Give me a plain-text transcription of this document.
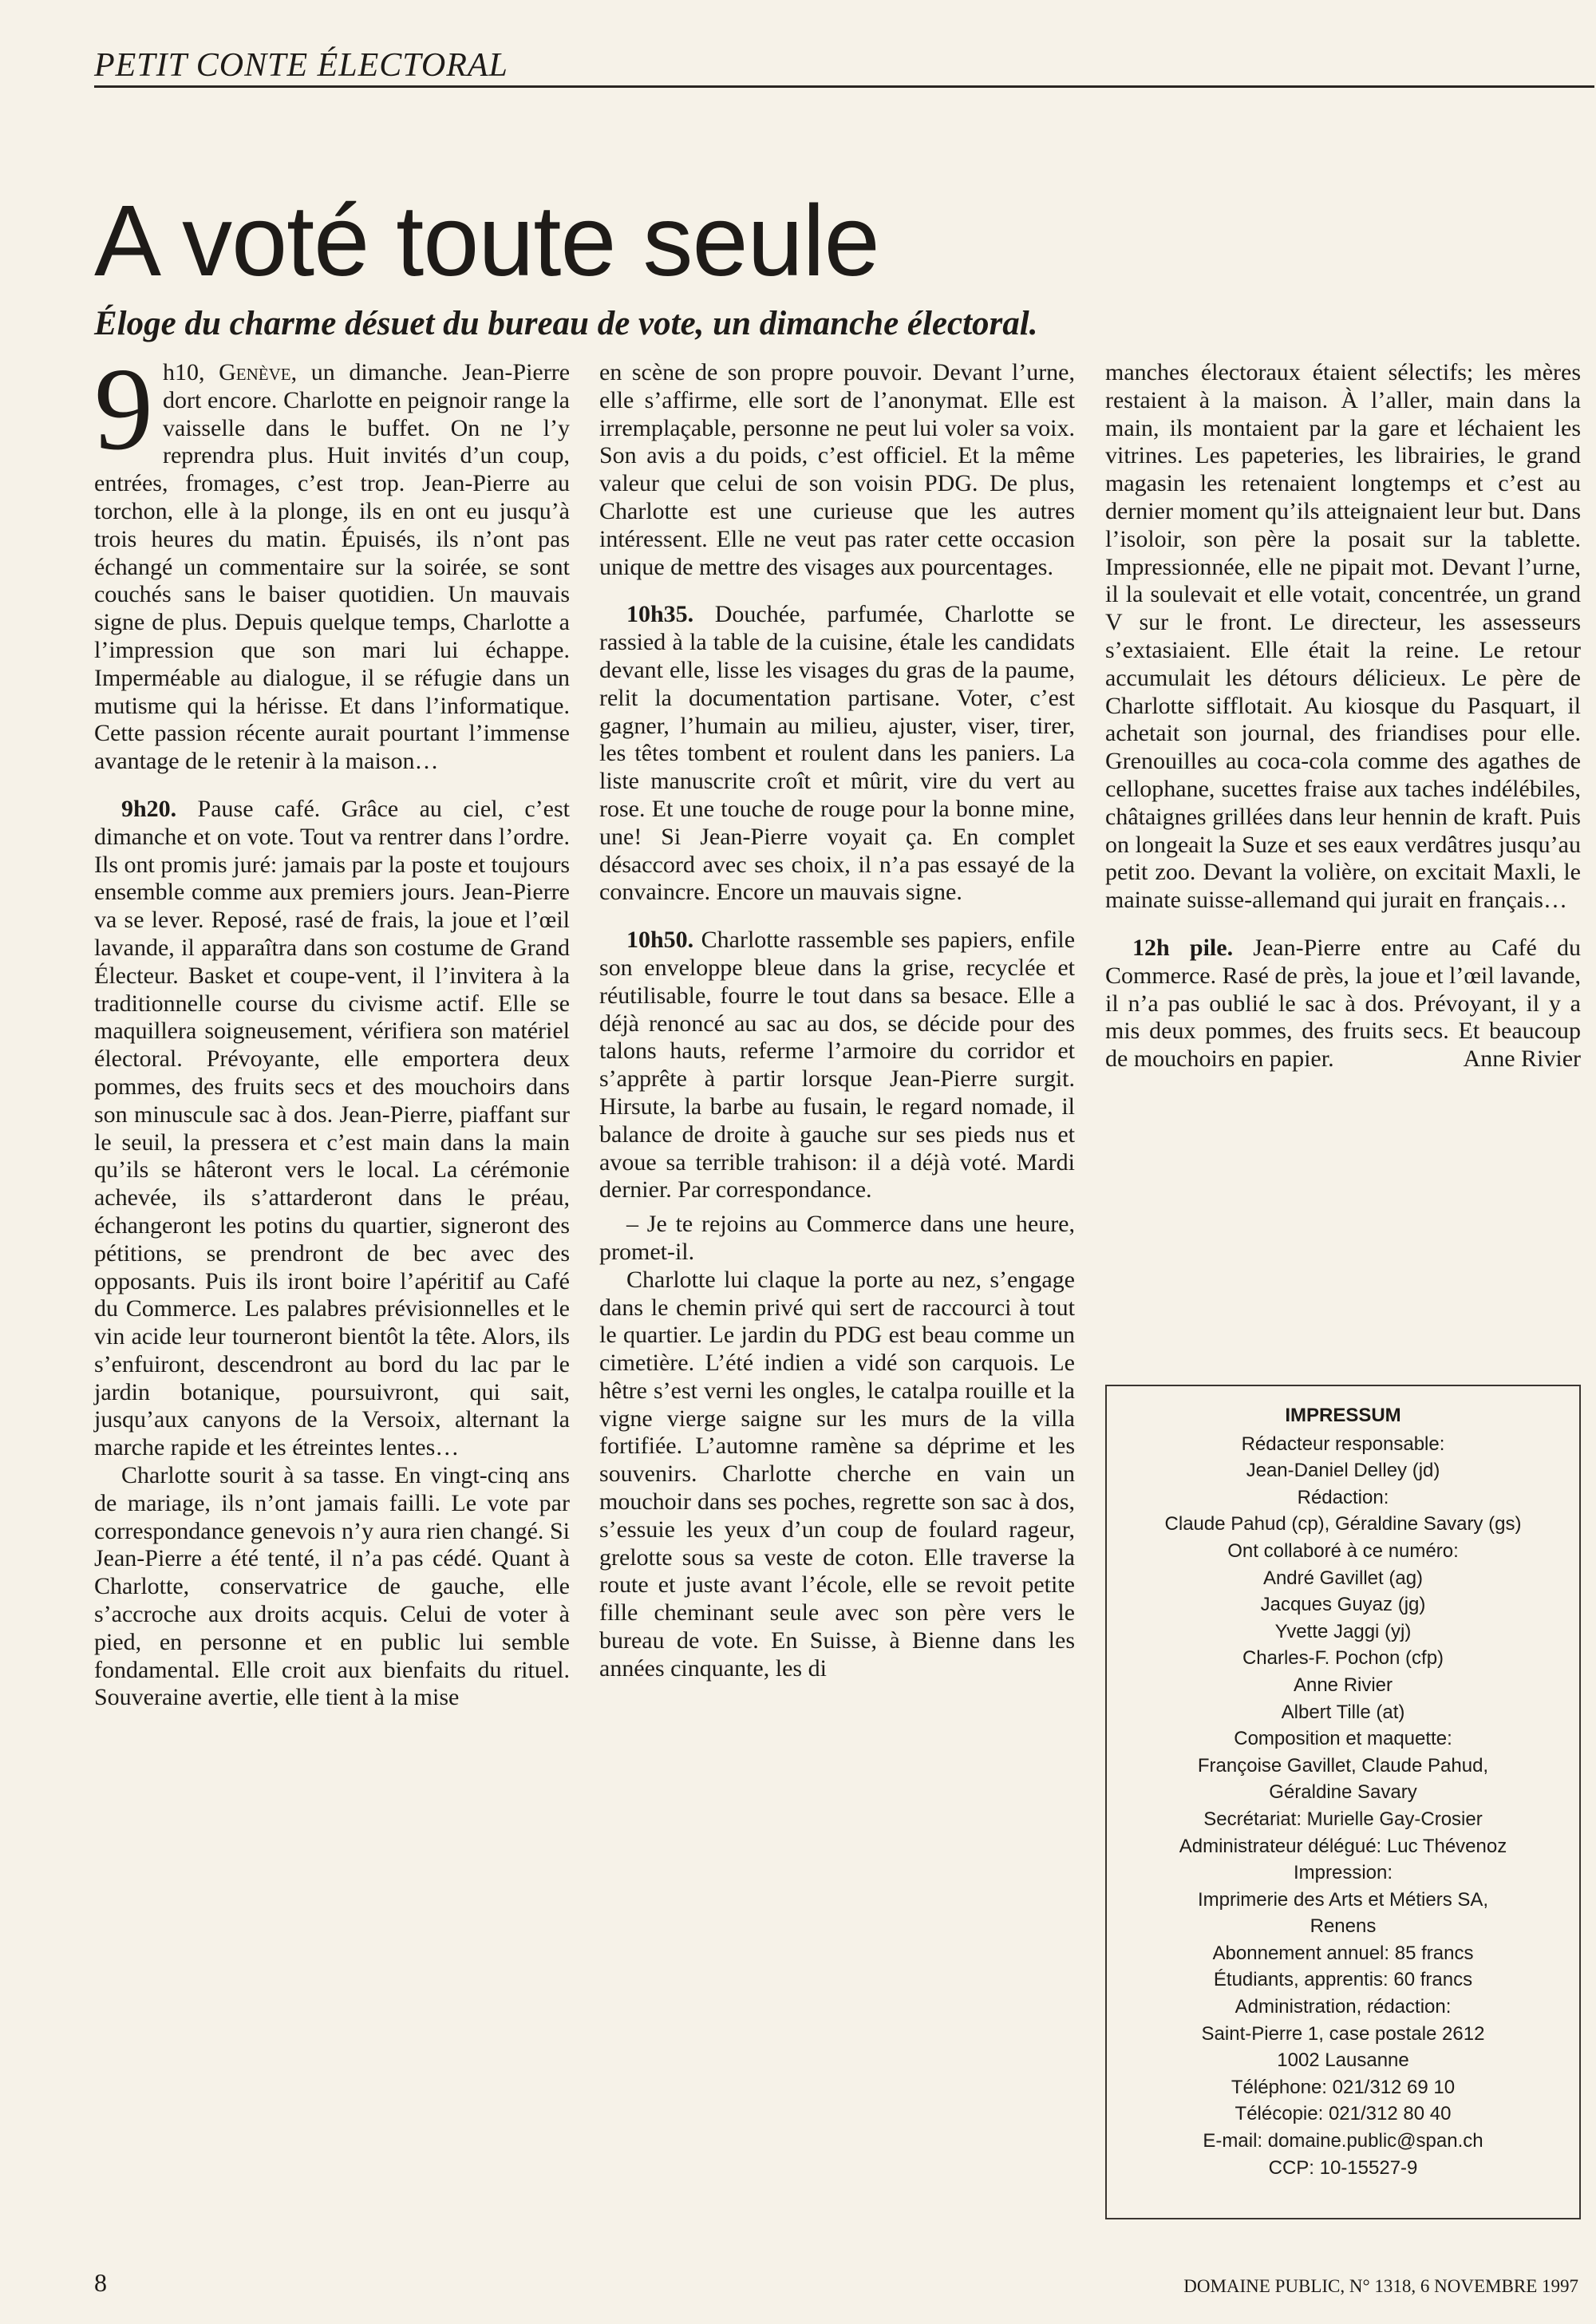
PETIT CONTE ÉLECTORAL
A voté toute seule
Éloge du charme désuet du bureau de vote, un dimanche électoral.

9 h10, Genève, un dimanche. Jean-Pierre dort encore. Charlotte en peignoir range la vaisselle dans le buffet. On ne l’y reprendra plus. Huit invités d’un coup, entrées, fromages, c’est trop. Jean-Pierre au torchon, elle à la plonge, ils en ont eu jusqu’à trois heures du matin. Épuisés, ils n’ont pas échangé un commentaire sur la soirée, se sont couchés sans le baiser quotidien. Un mauvais signe de plus. Depuis quelque temps, Charlotte a l’impression que son mari lui échappe. Imperméable au dialogue, il se réfugie dans un mutisme qui la hérisse. Et dans l’informatique. Cette passion récente aurait pourtant l’immense avantage de le retenir à la maison…

9h20. Pause café. Grâce au ciel, c’est dimanche et on vote. Tout va rentrer dans l’ordre. Ils ont promis juré: jamais par la poste et toujours ensemble comme aux premiers jours. Jean-Pierre va se lever. Reposé, rasé de frais, la joue et l’œil lavande, il apparaîtra dans son costume de Grand Électeur. Basket et coupe-vent, il l’invitera à la traditionnelle course du civisme actif. Elle se maquillera soigneusement, vérifiera son matériel électoral. Prévoyante, elle emportera deux pommes, des fruits secs et des mouchoirs dans son minuscule sac à dos. Jean-Pierre, piaffant sur le seuil, la pressera et c’est main dans la main qu’ils se hâteront vers le local. La cérémonie achevée, ils s’attarderont dans le préau, échangeront les potins du quartier, signeront des pétitions, se prendront de bec avec des opposants. Puis ils iront boire l’apéritif au Café du Commerce. Les palabres prévisionnelles et le vin acide leur tourneront bientôt la tête. Alors, ils s’enfuiront, descendront au bord du lac par le jardin botanique, poursuivront, qui sait, jusqu’aux canyons de la Versoix, alternant la marche rapide et les étreintes lentes…

Charlotte sourit à sa tasse. En vingt-cinq ans de mariage, ils n’ont jamais failli. Le vote par correspondance genevois n’y aura rien changé. Si Jean-Pierre a été tenté, il n’a pas cédé. Quant à Charlotte, conservatrice de gauche, elle s’accroche aux droits acquis. Celui de voter à pied, en personne et en public lui semble fondamental. Elle croit aux bienfaits du rituel. Souveraine avertie, elle tient à la mise

en scène de son propre pouvoir. Devant l’urne, elle s’affirme, elle sort de l’anonymat. Elle est irremplaçable, personne ne peut lui voler sa voix. Son avis a du poids, c’est officiel. Et la même valeur que celui de son voisin PDG. De plus, Charlotte est une curieuse que les autres intéressent. Elle ne veut pas rater cette occasion unique de mettre des visages aux pourcentages.

10h35. Douchée, parfumée, Charlotte se rassied à la table de la cuisine, étale les candidats devant elle, lisse les visages du gras de la paume, relit la documentation partisane. Voter, c’est gagner, l’humain au milieu, ajuster, viser, tirer, les têtes tombent et roulent dans les paniers. La liste manuscrite croît et mûrit, vire du vert au rose. Et une touche de rouge pour la bonne mine, une! Si Jean-Pierre voyait ça. En complet désaccord avec ses choix, il n’a pas essayé de la convaincre. Encore un mauvais signe.

10h50. Charlotte rassemble ses papiers, enfile son enveloppe bleue dans la grise, recyclée et réutilisable, fourre le tout dans sa besace. Elle a déjà renoncé au sac au dos, se décide pour des talons hauts, referme l’armoire du corridor et s’apprête à partir lorsque Jean-Pierre surgit. Hirsute, la barbe au fusain, le regard nomade, il balance de droite à gauche sur ses pieds nus et avoue sa terrible trahison: il a déjà voté. Mardi dernier. Par correspondance.

– Je te rejoins au Commerce dans une heure, promet-il.

Charlotte lui claque la porte au nez, s’engage dans le chemin privé qui sert de raccourci à tout le quartier. Le jardin du PDG est beau comme un cimetière. L’été indien a vidé son carquois. Le hêtre s’est verni les ongles, le catalpa rouille et la vigne vierge saigne sur les murs de la villa fortifiée. L’automne ramène sa déprime et les souvenirs. Charlotte cherche en vain un mouchoir dans ses poches, regrette son sac à dos, s’essuie les yeux d’un coup de foulard rageur, grelotte sous sa veste de coton. Elle traverse la route et juste avant l’école, elle se revoit petite fille cheminant seule avec son père vers le bureau de vote. En Suisse, à Bienne dans les années cinquante, les di

manches électoraux étaient sélectifs; les mères restaient à la maison. À l’aller, main dans la main, ils montaient par la gare et léchaient les vitrines. Les papeteries, les librairies, le grand magasin les retenaient longtemps et c’est au dernier moment qu’ils atteignaient leur but. Dans l’isoloir, son père la posait sur la tablette. Impressionnée, elle ne pipait mot. Devant l’urne, il la soulevait et elle votait, concentrée, un grand V sur le front. Le directeur, les assesseurs s’extasiaient. Elle était la reine. Le retour accumulait les détours délicieux. Le père de Charlotte sifflotait. Au kiosque du Pasquart, il achetait son journal, des friandises pour elle. Grenouilles au coca-cola comme des agathes de cellophane, sucettes fraise aux taches indélébiles, châtaignes grillées dans leur hennin de kraft. Puis on longeait la Suze et ses eaux verdâtres jusqu’au petit zoo. Devant la volière, on excitait Maxli, le mainate suisse-allemand qui jurait en français…

12h pile. Jean-Pierre entre au Café du Commerce. Rasé de près, la joue et l’œil lavande, il n’a pas oublié le sac à dos. Prévoyant, il y a mis deux pommes, des fruits secs. Et beaucoup de mouchoirs en papier.	Anne Rivier

IMPRESSUM
Rédacteur responsable:
Jean-Daniel Delley (jd)
Rédaction:
Claude Pahud (cp), Géraldine Savary (gs)
Ont collaboré à ce numéro:
André Gavillet (ag)
Jacques Guyaz (jg)
Yvette Jaggi (yj)
Charles-F. Pochon (cfp)
Anne Rivier
Albert Tille (at)
Composition et maquette:
Françoise Gavillet, Claude Pahud,
Géraldine Savary
Secrétariat: Murielle Gay-Crosier
Administrateur délégué: Luc Thévenoz
Impression:
Imprimerie des Arts et Métiers SA,
Renens
Abonnement annuel: 85 francs
Étudiants, apprentis: 60 francs
Administration, rédaction:
Saint-Pierre 1, case postale 2612
1002 Lausanne
Téléphone: 021/312 69 10
Télécopie: 021/312 80 40
E-mail: domaine.public@span.ch
CCP: 10-15527-9
8	DOMAINE PUBLIC, N° 1318, 6 NOVEMBRE 1997
